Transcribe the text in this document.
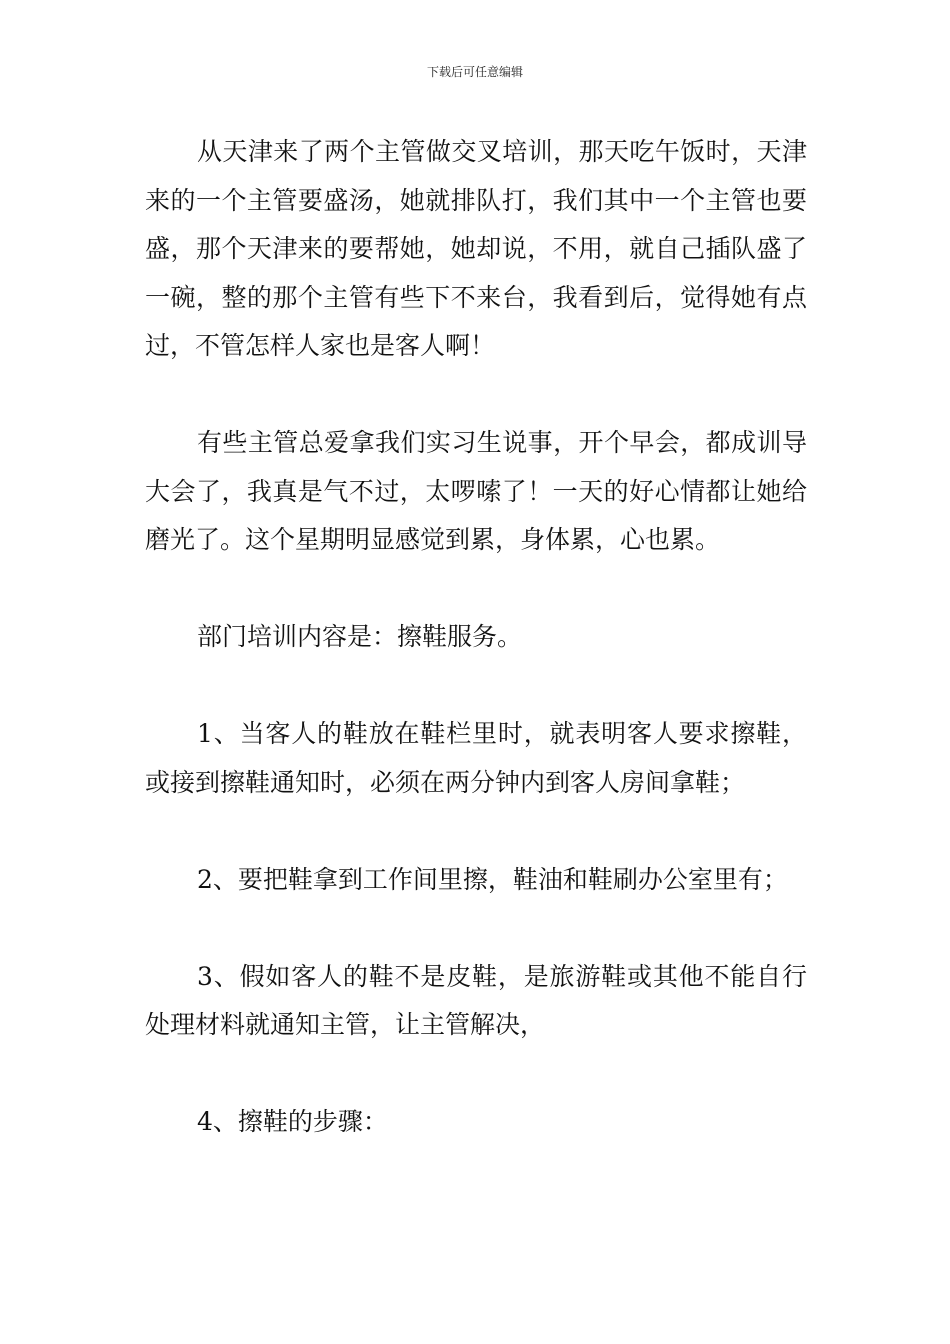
下载后可任意编辑

从天津来了两个主管做交叉培训，那天吃午饭时，天津来的一个主管要盛汤，她就排队打，我们其中一个主管也要盛，那个天津来的要帮她，她却说，不用，就自己插队盛了一碗，整的那个主管有些下不来台，我看到后，觉得她有点过，不管怎样人家也是客人啊！

有些主管总爱拿我们实习生说事，开个早会，都成训导大会了，我真是气不过，太啰嗦了！一天的好心情都让她给磨光了。这个星期明显感觉到累，身体累，心也累。

部门培训内容是：擦鞋服务。

1、当客人的鞋放在鞋栏里时，就表明客人要求擦鞋，或接到擦鞋通知时，必须在两分钟内到客人房间拿鞋；

2、要把鞋拿到工作间里擦，鞋油和鞋刷办公室里有；

3、假如客人的鞋不是皮鞋，是旅游鞋或其他不能自行处理材料就通知主管，让主管解决，

4、擦鞋的步骤：
